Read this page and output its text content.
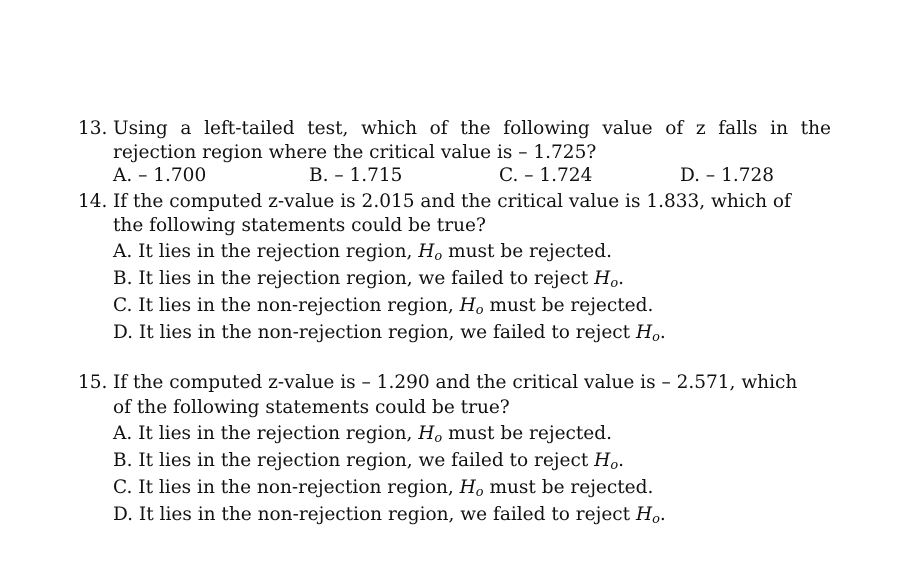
13. Using a left-tailed test, which of the following value of z falls in the
rejection region where the critical value is – 1.725?
A. – 1.700	B. – 1.715	C. – 1.724	D. – 1.728
14. If the computed z-value is 2.015 and the critical value is 1.833, which of
the following statements could be true?
A. It lies in the rejection region, $H_o$ must be rejected.
B. It lies in the rejection region, we failed to reject $H_o$.
C. It lies in the non-rejection region, $H_o$ must be rejected.
D. It lies in the non-rejection region, we failed to reject $H_o$.
15. If the computed z-value is – 1.290 and the critical value is – 2.571, which
of the following statements could be true?
A. It lies in the rejection region, $H_o$ must be rejected.
B. It lies in the rejection region, we failed to reject $H_o$.
C. It lies in the non-rejection region, $H_o$ must be rejected.
D. It lies in the non-rejection region, we failed to reject $H_o$.
